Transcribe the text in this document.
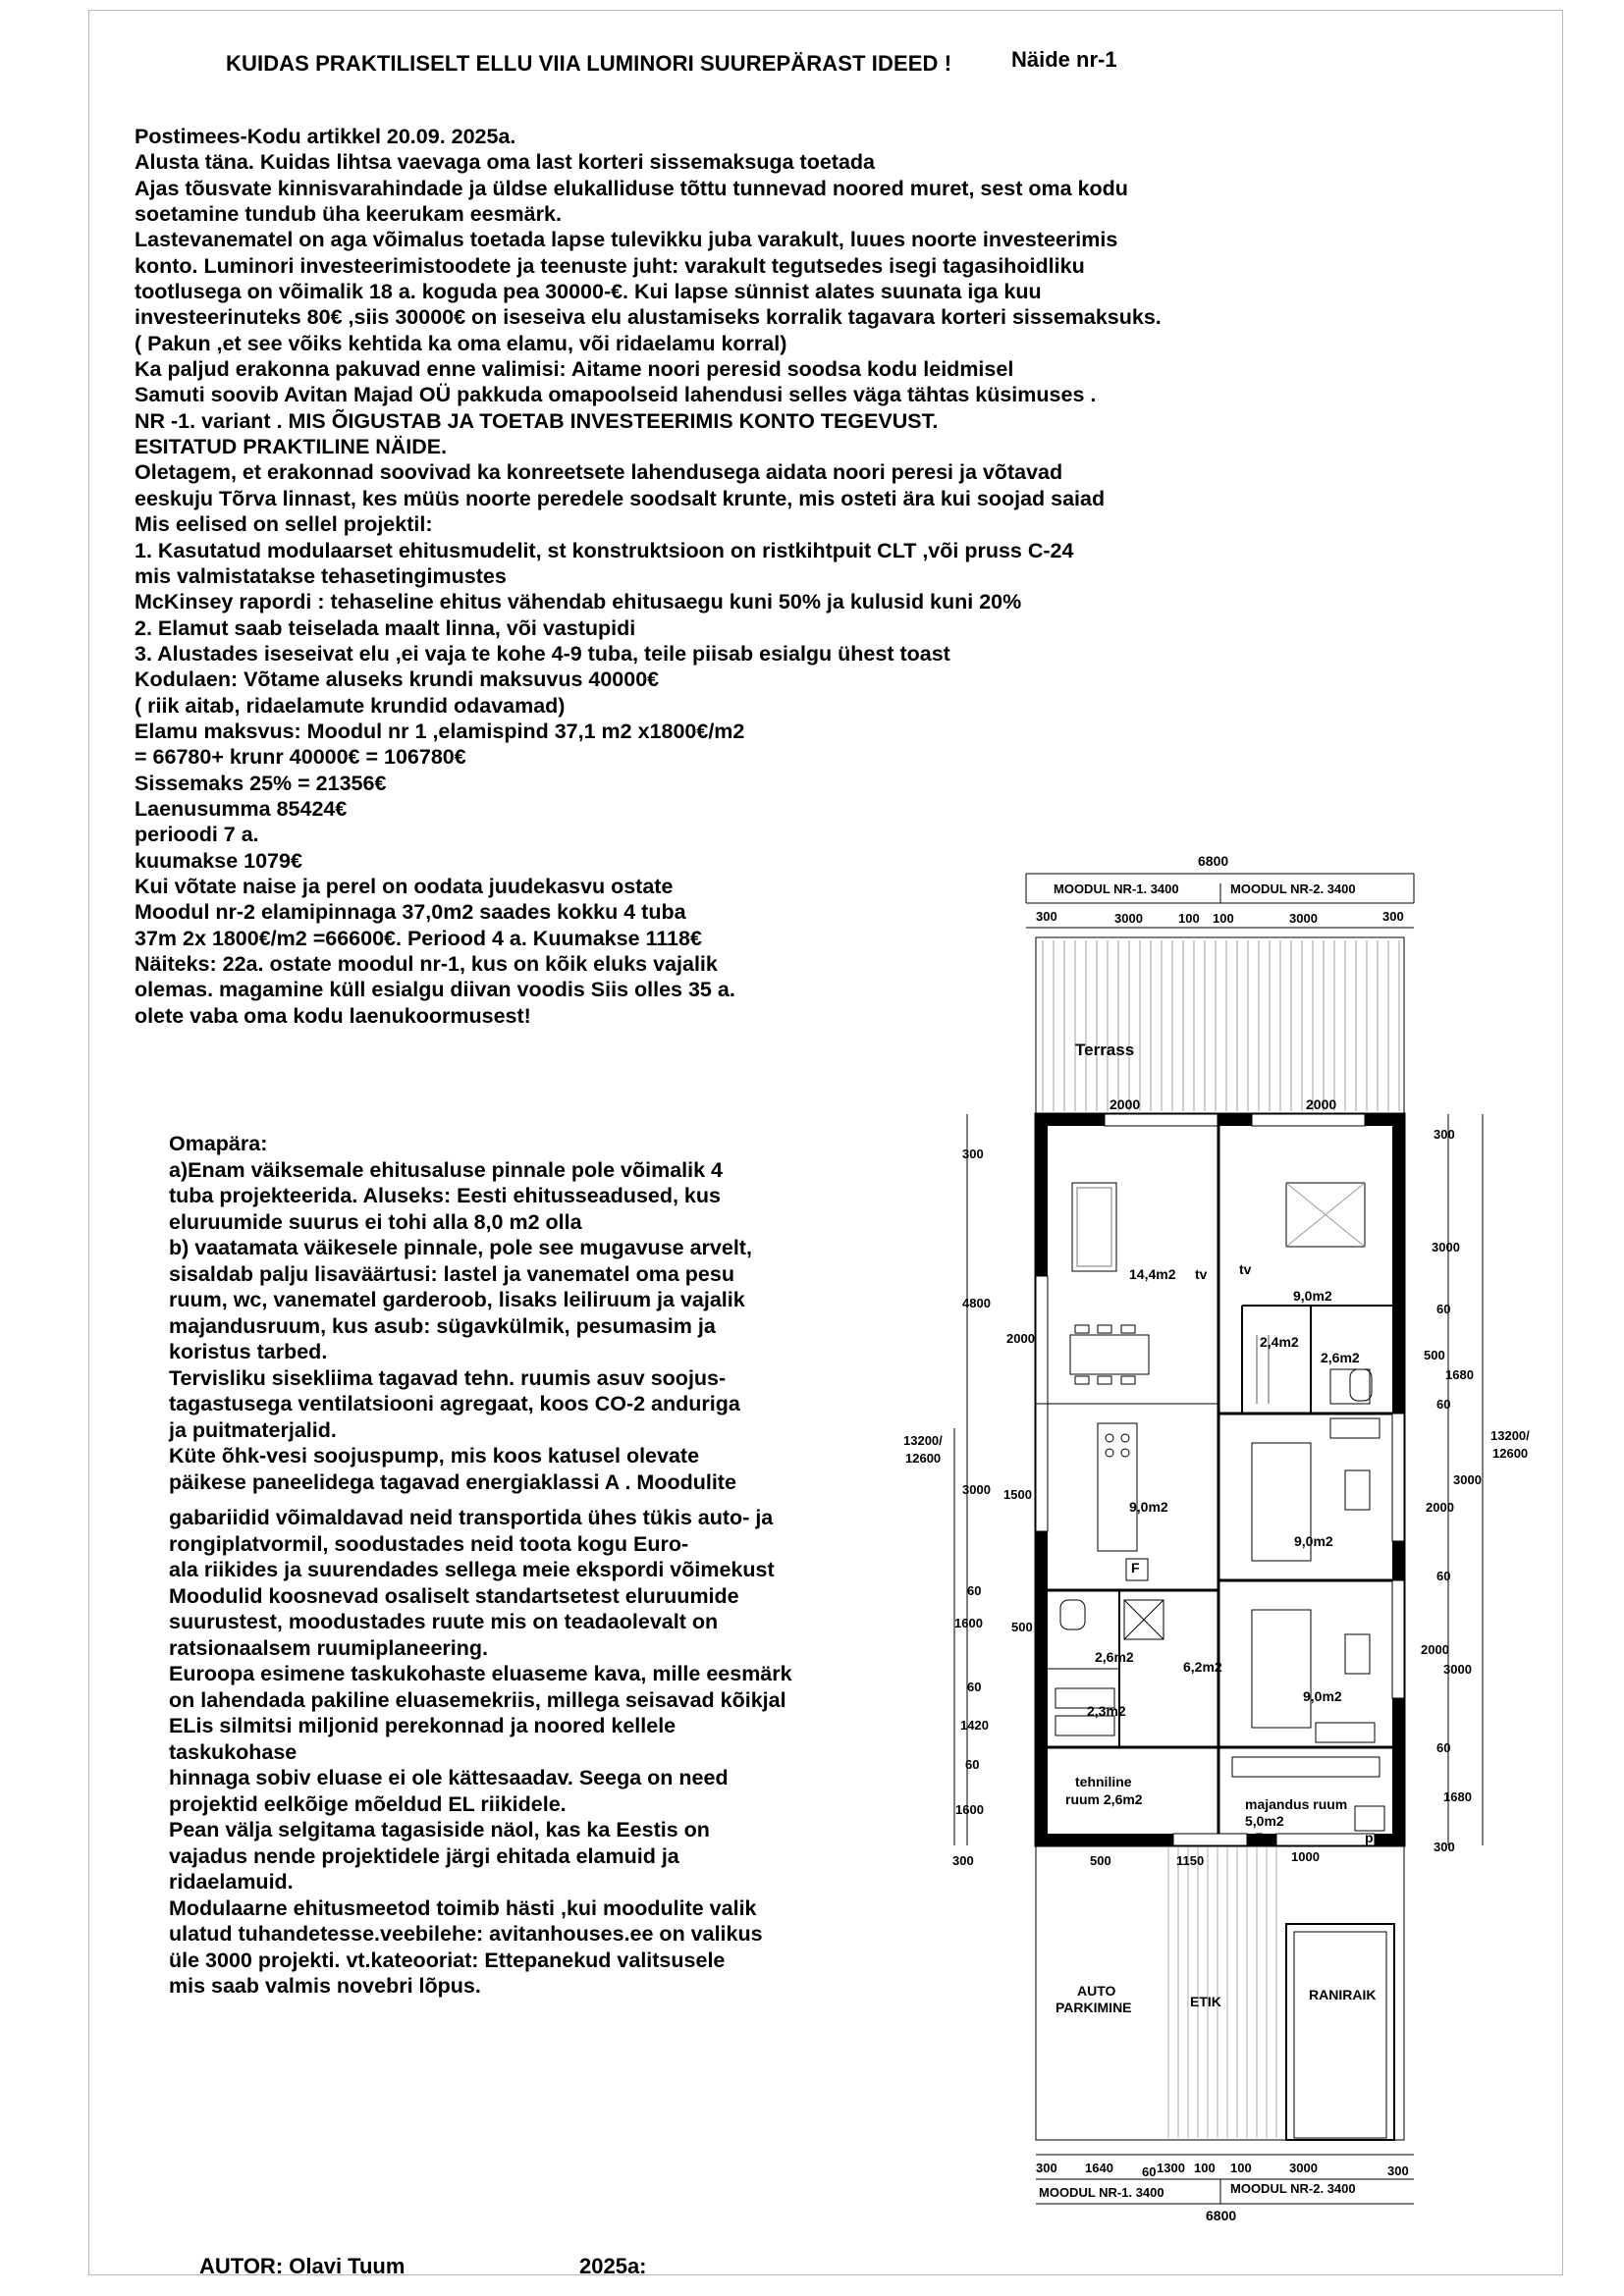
KUIDAS PRAKTILISELT ELLU VIIA LUMINORI SUUREPÄRAST IDEED !	Näide nr-1

Postimees-Kodu artikkel 20.09. 2025a.

Alusta täna. Kuidas lihtsa vaevaga oma last korteri sissemaksuga toetada

Ajas tõusvate kinnisvarahindade ja üldse elukalliduse tõttu tunnevad noored muret, sest oma kodu

soetamine tundub üha keerukam eesmärk.

Lastevanematel on aga võimalus toetada lapse tulevikku juba varakult, luues noorte investeerimis

konto. Luminori investeerimistoodete ja teenuste juht: varakult tegutsedes isegi tagasihoidliku

tootlusega on võimalik 18 a. koguda pea 30000-€. Kui lapse sünnist alates suunata iga kuu

investeerinuteks 80€ ,siis 30000€ on iseseiva elu alustamiseks korralik tagavara korteri sissemaksuks.

( Pakun ,et see võiks kehtida ka oma elamu, või ridaelamu korral)

Ka paljud erakonna pakuvad enne valimisi: Aitame noori peresid soodsa kodu leidmisel

Samuti soovib Avitan Majad OÜ pakkuda omapoolseid lahendusi selles väga tähtas küsimuses .

NR -1. variant . MIS ÕIGUSTAB JA TOETAB INVESTEERIMIS KONTO TEGEVUST.

ESITATUD PRAKTILINE NÄIDE.

Oletagem, et erakonnad soovivad ka konreetsete lahendusega aidata noori peresi ja võtavad

eeskuju Tõrva linnast, kes müüs noorte peredele soodsalt krunte, mis osteti ära kui soojad saiad

Mis eelised on sellel projektil:

1. Kasutatud modulaarset ehitusmudelit, st konstruktsioon on ristkihtpuit CLT ,või pruss C-24

mis valmistatakse tehasetingimustes

McKinsey rapordi : tehaseline ehitus vähendab ehitusaegu kuni 50% ja kulusid kuni 20%

2. Elamut saab teiselada maalt linna, või vastupidi

3. Alustades iseseivat elu ,ei vaja te kohe 4-9 tuba, teile piisab esialgu ühest toast

Kodulaen: Võtame aluseks krundi maksuvus 40000€

( riik aitab, ridaelamute krundid odavamad)

Elamu maksvus: Moodul nr 1 ,elamispind 37,1 m2 x1800€/m2

= 66780+ krunr 40000€ = 106780€

Sissemaks 25% = 21356€

Laenusumma 85424€

perioodi 7 a.

kuumakse 1079€

Kui võtate naise ja perel on oodata juudekasvu ostate

Moodul nr-2 elamipinnaga 37,0m2 saades kokku 4 tuba

37m 2x 1800€/m2 =66600€. Periood 4 a. Kuumakse 1118€

Näiteks: 22a. ostate moodul nr-1, kus on kõik eluks vajalik

olemas. magamine küll esialgu diivan voodis Siis olles 35 a.

olete vaba oma kodu laenukoormusest!

Omapära:

a)Enam väiksemale ehitusaluse pinnale pole võimalik 4

tuba projekteerida. Aluseks: Eesti ehitusseadused, kus

eluruumide suurus ei tohi alla 8,0 m2 olla

b) vaatamata väikesele pinnale, pole see mugavuse arvelt,

sisaldab palju lisaväärtusi: lastel ja vanematel oma pesu

ruum, wc, vanematel garderoob, lisaks leiliruum ja vajalik

majandusruum, kus asub: sügavkülmik, pesumasim ja

koristus tarbed.

Tervisliku sisekliima tagavad tehn. ruumis asuv soojus-

tagastusega ventilatsiooni agregaat, koos CO-2 anduriga

ja puitmaterjalid.

Küte õhk-vesi soojuspump, mis koos katusel olevate

päikese paneelidega tagavad energiaklassi A . Moodulite

gabariidid võimaldavad neid transportida ühes tükis auto- ja

rongiplatvormil, soodustades neid toota kogu Euro-

ala riikides ja suurendades sellega meie ekspordi võimekust

Moodulid koosnevad osaliselt standartsetest eluruumide

suurustest, moodustades ruute mis on teadaolevalt on

ratsionaalsem ruumiplaneering.

Euroopa esimene taskukohaste eluaseme kava, mille eesmärk

on lahendada pakiline eluasemekriis, millega seisavad kõikjal

ELis silmitsi miljonid perekonnad ja noored kellele

taskukohase

hinnaga sobiv eluase ei ole kättesaadav. Seega on need

projektid eelkõige mõeldud EL riikidele.

Pean välja selgitama tagasiside näol, kas ka Eestis on

vajadus nende projektidele järgi ehitada elamuid ja

ridaelamuid.

Modulaarne ehitusmeetod toimib hästi ,kui moodulite valik

ulatud tuhandetesse.veebilehe: avitanhouses.ee on valikus

üle 3000 projekti. vt.kateooriat: Ettepanekud valitsusele

mis saab valmis novebri lõpus.

6800
MOODUL NR-1. 3400	MOODUL NR-2. 3400
300	3000	100 100	3000	300
Terrass
14,4m2 tv tv
9,0m2
2,4m2
2,6m2
9,0m2
F
9,0m2
2,6m2
2,3m2
6,2m2
9,0m2
tehniline
ruum 2,6m2	majandus ruum
5,0m2
F	pm
2000	2000
300
4800
2000
3000 1500
60
1600 500
60
1420
60
1600
300
13200/
12600
300
3000
60
500
1680
60
3000
2000
60
2000
3000
60
1680
300
13200/
12600
500	1150	1000
AUTO
PARKIMINE	ETIK	RANIRAIK
300 1640 60 1300 100 100	3000	300
MOODUL NR-1. 3400	MOODUL NR-2. 3400
6800
AUTOR: Olavi Tuum	2025a:
